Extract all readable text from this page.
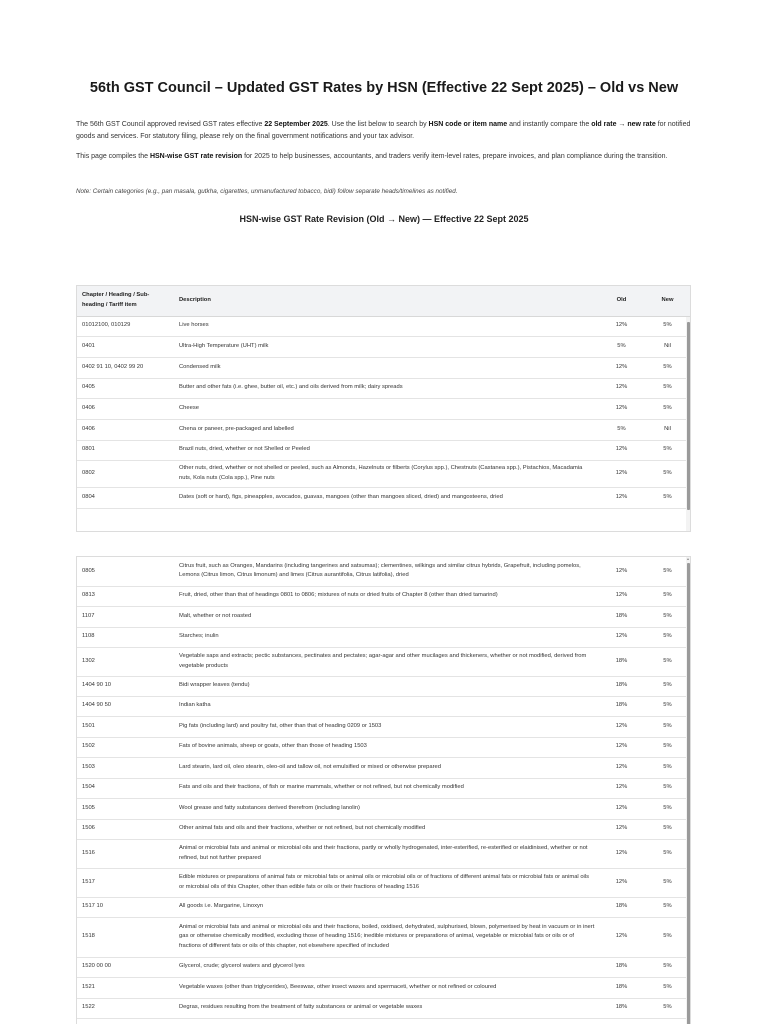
56th GST Council – Updated GST Rates by HSN (Effective 22 Sept 2025) – Old vs New

The 56th GST Council approved revised GST rates effective 22 September 2025. Use the list below to search by HSN code or item name and instantly compare the old rate → new rate for notified goods and services. For statutory filing, please rely on the final government notifications and your tax advisor.

This page compiles the HSN-wise GST rate revision for 2025 to help businesses, accountants, and traders verify item-level rates, prepare invoices, and plan compliance during the transition.

Note: Certain categories (e.g., pan masala, gutkha, cigarettes, unmanufactured tobacco, bidi) follow separate heads/timelines as notified.

HSN-wise GST Rate Revision (Old → New) — Effective 22 Sept 2025
Chapter / Heading / Sub-heading / Tariff item	Description	Old	New
01012100, 010129	Live horses	12%	5%
0401	Ultra-High Temperature (UHT) milk	5%	Nil
0402 91 10, 0402 99 20	Condensed milk	12%	5%
0405	Butter and other fats (i.e. ghee, butter oil, etc.) and oils derived from milk; dairy spreads	12%	5%
0406	Cheese	12%	5%
0406	Chena or paneer, pre-packaged and labelled	5%	Nil
0801	Brazil nuts, dried, whether or not Shelled or Peeled	12%	5%
0802	Other nuts, dried, whether or not shelled or peeled, such as Almonds, Hazelnuts or filberts (Corylus spp.), Chestnuts (Castanea spp.), Pistachios, Macadamia nuts, Kola nuts (Cola spp.), Pine nuts	12%	5%
0804	Dates (soft or hard), figs, pineapples, avocados, guavas, mangoes (other than mangoes sliced, dried) and mangosteens, dried	12%	5%
0805	Citrus fruit, such as Oranges, Mandarins (including tangerines and satsumas); clementines, wilkings and similar citrus hybrids, Grapefruit, including pomelos, Lemons (Citrus limon, Citrus limonum) and limes (Citrus aurantifolia, Citrus latifolia), dried	12%	5%
0813	Fruit, dried, other than that of headings 0801 to 0806; mixtures of nuts or dried fruits of Chapter 8 (other than dried tamarind)	12%	5%
1107	Malt, whether or not roasted	18%	5%
1108	Starches; inulin	12%	5%
1302	Vegetable saps and extracts; pectic substances, pectinates and pectates; agar-agar and other mucilages and thickeners, whether or not modified, derived from vegetable products	18%	5%
1404 90 10	Bidi wrapper leaves (tendu)	18%	5%
1404 90 50	Indian katha	18%	5%
1501	Pig fats (including lard) and poultry fat, other than that of heading 0209 or 1503	12%	5%
1502	Fats of bovine animals, sheep or goats, other than those of heading 1503	12%	5%
1503	Lard stearin, lard oil, oleo stearin, oleo-oil and tallow oil, not emulsified or mixed or otherwise prepared	12%	5%
1504	Fats and oils and their fractions, of fish or marine mammals, whether or not refined, but not chemically modified	12%	5%
1505	Wool grease and fatty substances derived therefrom (including lanolin)	12%	5%
1506	Other animal fats and oils and their fractions, whether or not refined, but not chemically modified	12%	5%
1516	Animal or microbial fats and animal or microbial oils and their fractions, partly or wholly hydrogenated, inter-esterified, re-esterified or elaidinised, whether or not refined, but not further prepared	12%	5%
1517	Edible mixtures or preparations of animal fats or microbial fats or animal oils or microbial oils or of fractions of different animal fats or microbial fats or animal oils or microbial oils of this Chapter, other than edible fats or oils or their fractions of heading 1516	12%	5%
1517 10	All goods i.e. Margarine, Linoxyn	18%	5%
1518	Animal or microbial fats and animal or microbial oils and their fractions, boiled, oxidised, dehydrated, sulphurised, blown, polymerised by heat in vacuum or in inert gas or otherwise chemically modified, excluding those of heading 1516; inedible mixtures or preparations of animal, vegetable or microbial fats or oils or of fractions of different fats or oils of this chapter, not elsewhere specified of included	12%	5%
1520 00 00	Glycerol, crude; glycerol waters and glycerol lyes	18%	5%
1521	Vegetable waxes (other than triglycerides), Beeswax, other insect waxes and spermaceti, whether or not refined or coloured	18%	5%
1522	Degras, residues resulting from the treatment of fatty substances or animal or vegetable waxes	18%	5%
▴
